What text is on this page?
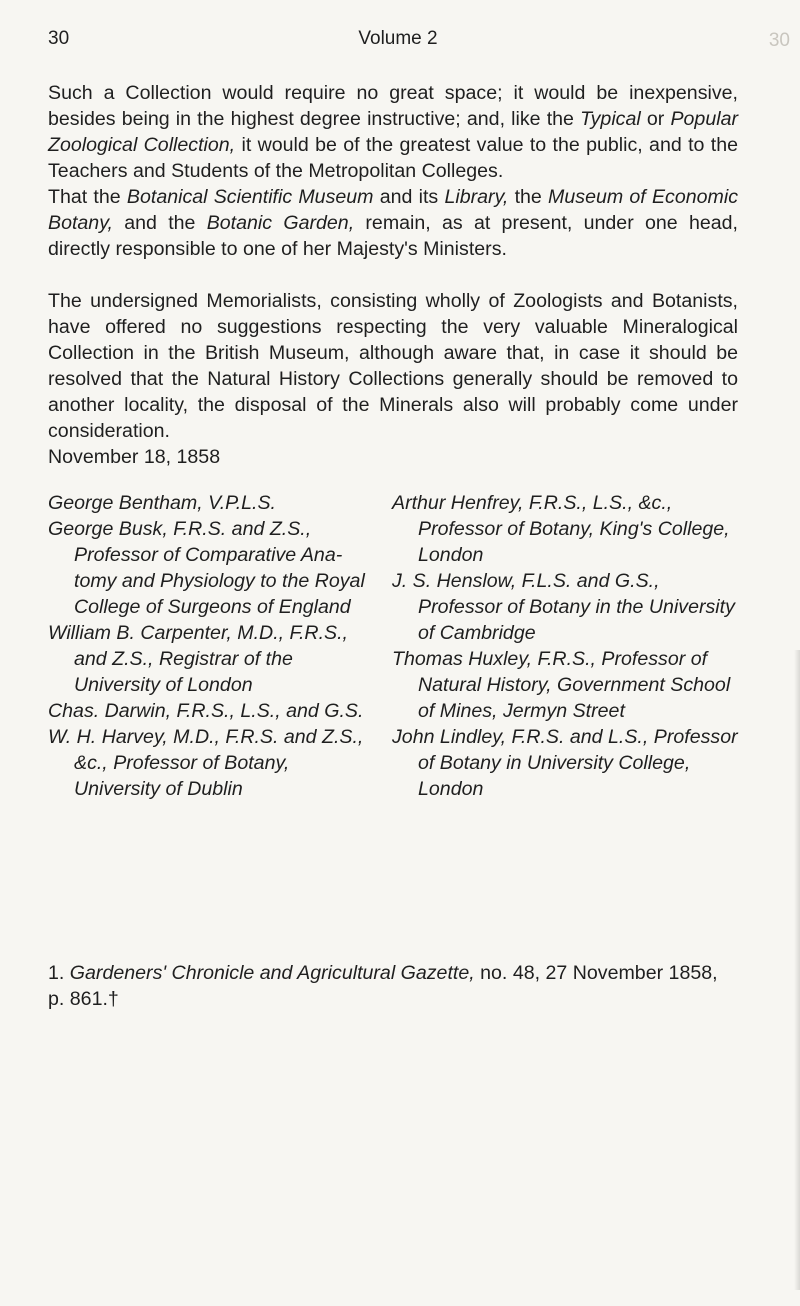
30	Volume 2	30

Such a Collection would require no great space; it would be inexpensive, besides being in the highest degree instructive; and, like the Typical or Popular Zoological Collection, it would be of the greatest value to the public, and to the Teachers and Students of the Metropolitan Colleges.

That the Botanical Scientific Museum and its Library, the Museum of Economic Botany, and the Botanic Garden, remain, as at present, under one head, directly responsible to one of her Majesty's Ministers.

The undersigned Memorialists, consisting wholly of Zoologists and Botanists, have offered no suggestions respecting the very valuable Mineralogical Collection in the British Museum, although aware that, in case it should be resolved that the Natural History Collections generally should be removed to another locality, the disposal of the Minerals also will probably come under consideration.

November 18, 1858

George Bentham, V.P.L.S.

George Busk, F.R.S. and Z.S., Professor of Comparative Anatomy and Physiology to the Royal College of Surgeons of England

William B. Carpenter, M.D., F.R.S., and Z.S., Registrar of the University of London

Chas. Darwin, F.R.S., L.S., and G.S.

W. H. Harvey, M.D., F.R.S. and Z.S., &c., Professor of Botany, University of Dublin

Arthur Henfrey, F.R.S., L.S., &c., Professor of Botany, King's College, London

J. S. Henslow, F.L.S. and G.S., Professor of Botany in the University of Cambridge

Thomas Huxley, F.R.S., Professor of Natural History, Government School of Mines, Jermyn Street

John Lindley, F.R.S. and L.S., Professor of Botany in University College, London

1. Gardeners' Chronicle and Agricultural Gazette, no. 48, 27 November 1858, p. 861.†
